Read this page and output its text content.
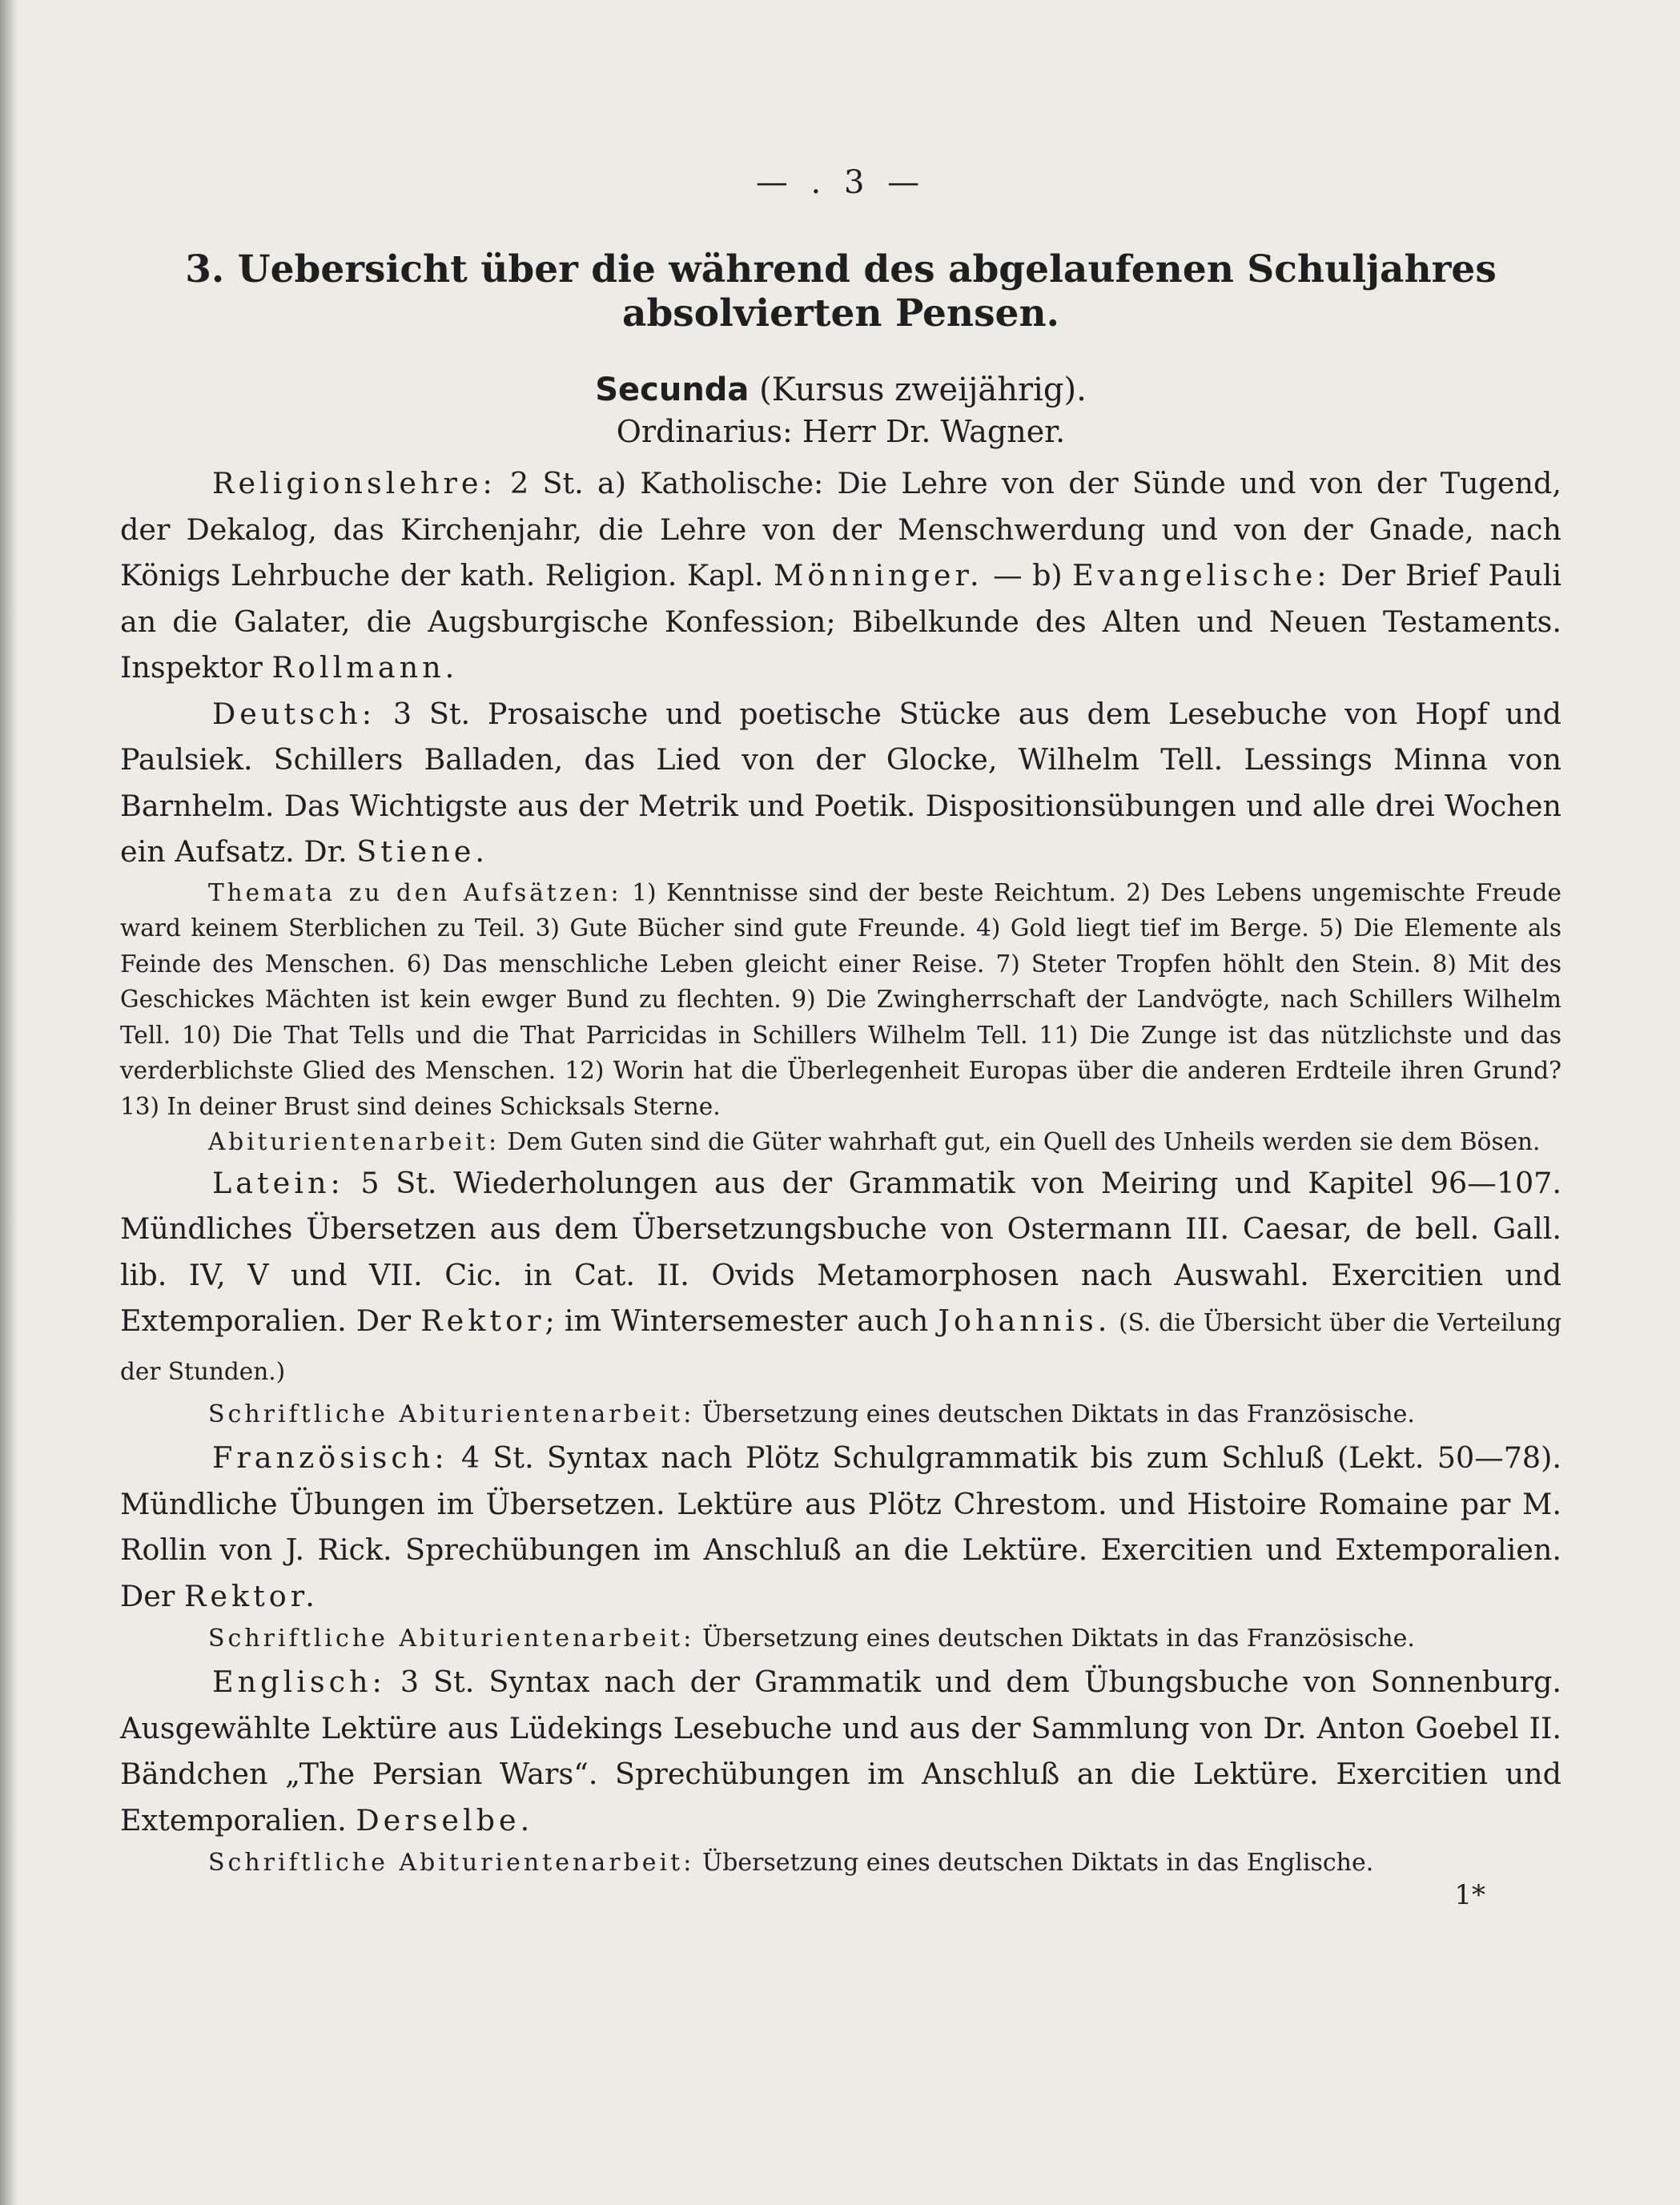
— . 3 —
3. Uebersicht über die während des abgelaufenen Schuljahres absolvierten Pensen.
Secunda (Kursus zweijährig).
Ordinarius: Herr Dr. Wagner.

Religionslehre: 2 St. a) Katholische: Die Lehre von der Sünde und von der Tugend, der Dekalog, das Kirchenjahr, die Lehre von der Menschwerdung und von der Gnade, nach Königs Lehrbuche der kath. Religion. Kapl. Mönninger. — b) Evangelische: Der Brief Pauli an die Galater, die Augsburgische Konfession; Bibelkunde des Alten und Neuen Testaments. Inspektor Rollmann.

Deutsch: 3 St. Prosaische und poetische Stücke aus dem Lesebuche von Hopf und Paulsiek. Schillers Balladen, das Lied von der Glocke, Wilhelm Tell. Lessings Minna von Barnhelm. Das Wichtigste aus der Metrik und Poetik. Dispositionsübungen und alle drei Wochen ein Aufsatz. Dr. Stiene.

Themata zu den Aufsätzen: 1) Kenntnisse sind der beste Reichtum. 2) Des Lebens ungemischte Freude ward keinem Sterblichen zu Teil. 3) Gute Bücher sind gute Freunde. 4) Gold liegt tief im Berge. 5) Die Elemente als Feinde des Menschen. 6) Das menschliche Leben gleicht einer Reise. 7) Steter Tropfen höhlt den Stein. 8) Mit des Geschickes Mächten ist kein ewger Bund zu flechten. 9) Die Zwingherrschaft der Landvögte, nach Schillers Wilhelm Tell. 10) Die That Tells und die That Parricidas in Schillers Wilhelm Tell. 11) Die Zunge ist das nützlichste und das verderblichste Glied des Menschen. 12) Worin hat die Überlegenheit Europas über die anderen Erdteile ihren Grund? 13) In deiner Brust sind deines Schicksals Sterne.

Abiturientenarbeit: Dem Guten sind die Güter wahrhaft gut, ein Quell des Unheils werden sie dem Bösen.

Latein: 5 St. Wiederholungen aus der Grammatik von Meiring und Kapitel 96—107. Mündliches Übersetzen aus dem Übersetzungsbuche von Ostermann III. Caesar, de bell. Gall. lib. IV, V und VII. Cic. in Cat. II. Ovids Metamorphosen nach Auswahl. Exercitien und Extemporalien. Der Rektor; im Wintersemester auch Johannis. (S. die Übersicht über die Verteilung der Stunden.)

Schriftliche Abiturientenarbeit: Übersetzung eines deutschen Diktats in das Französische.

Französisch: 4 St. Syntax nach Plötz Schulgrammatik bis zum Schluß (Lekt. 50—78). Mündliche Übungen im Übersetzen. Lektüre aus Plötz Chrestom. und Histoire Romaine par M. Rollin von J. Rick. Sprechübungen im Anschluß an die Lektüre. Exercitien und Extemporalien. Der Rektor.

Schriftliche Abiturientenarbeit: Übersetzung eines deutschen Diktats in das Französische.

Englisch: 3 St. Syntax nach der Grammatik und dem Übungsbuche von Sonnenburg. Ausgewählte Lektüre aus Lüdekings Lesebuche und aus der Sammlung von Dr. Anton Goebel II. Bändchen „The Persian Wars“. Sprechübungen im Anschluß an die Lektüre. Exercitien und Extemporalien. Derselbe.

Schriftliche Abiturientenarbeit: Übersetzung eines deutschen Diktats in das Englische.

1*
